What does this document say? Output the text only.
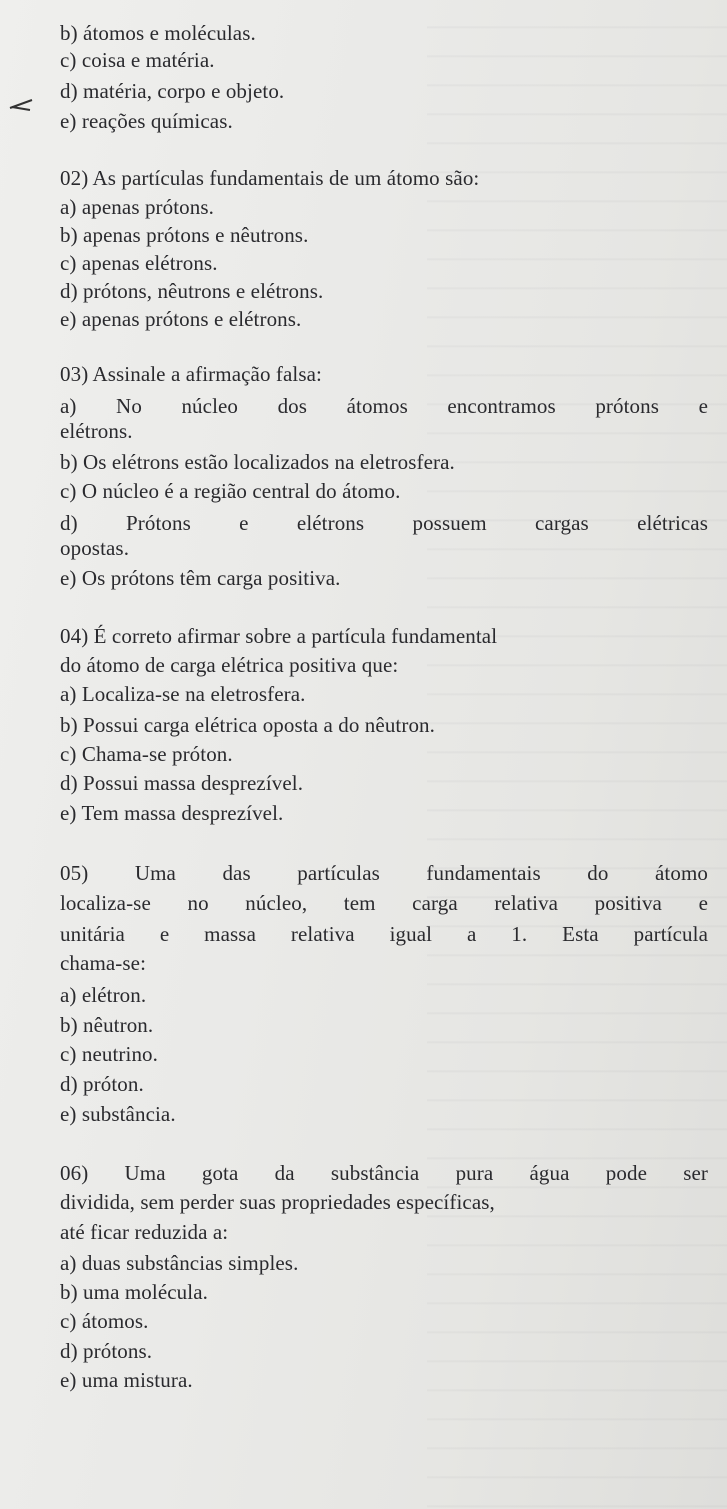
b) átomos e moléculas.
c) coisa e matéria.
d) matéria, corpo e objeto.
e) reações químicas.
02) As partículas fundamentais de um átomo são:
a) apenas prótons.
b) apenas prótons e nêutrons.
c) apenas elétrons.
d) prótons, nêutrons e elétrons.
e) apenas prótons e elétrons.
03) Assinale a afirmação falsa:
a) No núcleo dos átomos encontramos prótons e
elétrons.
b) Os elétrons estão localizados na eletrosfera.
c) O núcleo é a região central do átomo.
d) Prótons e elétrons possuem cargas elétricas
opostas.
e) Os prótons têm carga positiva.
04) É correto afirmar sobre a partícula fundamental
do átomo de carga elétrica positiva que:
a) Localiza-se na eletrosfera.
b) Possui carga elétrica oposta a do nêutron.
c) Chama-se próton.
d) Possui massa desprezível.
e) Tem massa desprezível.
05) Uma das partículas fundamentais do átomo
localiza-se no núcleo, tem carga relativa positiva e
unitária e massa relativa igual a 1. Esta partícula
chama-se:
a) elétron.
b) nêutron.
c) neutrino.
d) próton.
e) substância.
06) Uma gota da substância pura água pode ser
dividida, sem perder suas propriedades específicas,
até ficar reduzida a:
a) duas substâncias simples.
b) uma molécula.
c) átomos.
d) prótons.
e) uma mistura.
